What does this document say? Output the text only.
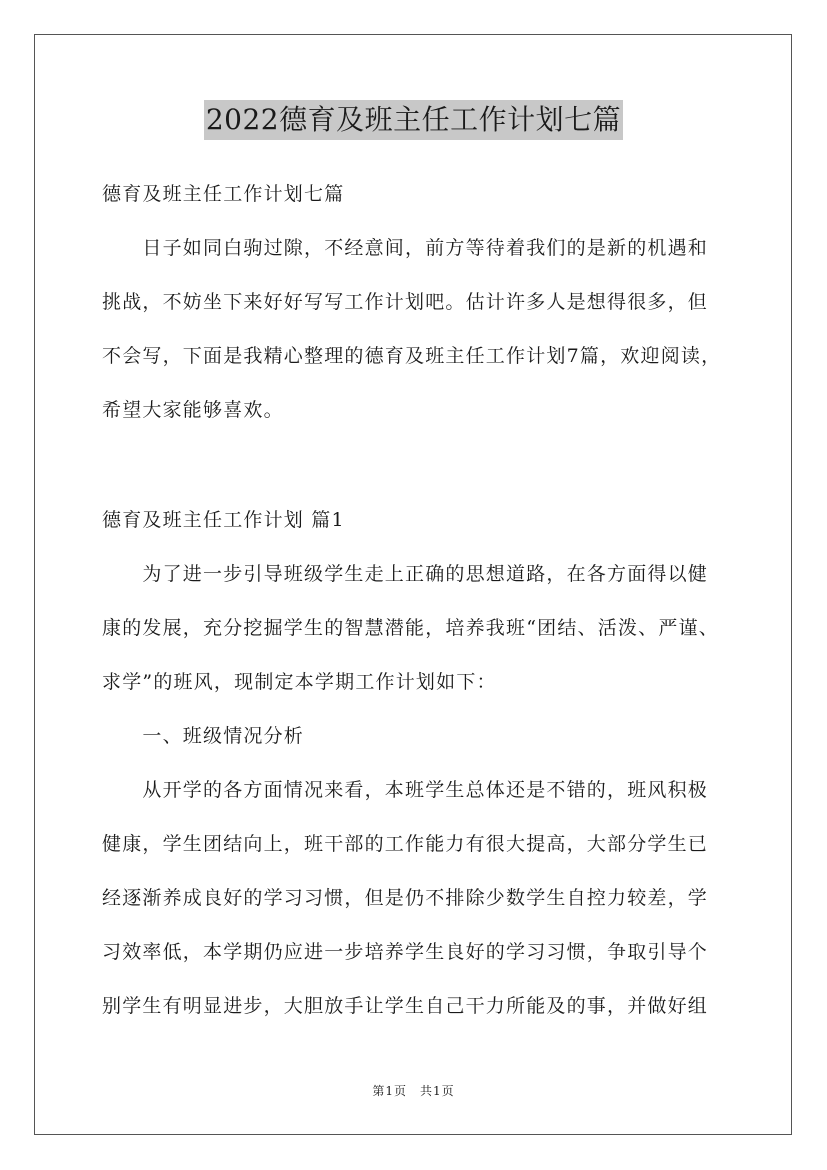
2022德育及班主任工作计划七篇
德育及班主任工作计划七篇
　　日子如同白驹过隙，不经意间，前方等待着我们的是新的机遇和
挑战，不妨坐下来好好写写工作计划吧。估计许多人是想得很多，但
不会写，下面是我精心整理的德育及班主任工作计划7篇，欢迎阅读，
希望大家能够喜欢。
德育及班主任工作计划 篇1
　　为了进一步引导班级学生走上正确的思想道路，在各方面得以健
康的发展，充分挖掘学生的智慧潜能，培养我班“团结、活泼、严谨、
求学”的班风，现制定本学期工作计划如下：
　　一、班级情况分析
　　从开学的各方面情况来看，本班学生总体还是不错的，班风积极
健康，学生团结向上，班干部的工作能力有很大提高，大部分学生已
经逐渐养成良好的学习习惯，但是仍不排除少数学生自控力较差，学
习效率低，本学期仍应进一步培养学生良好的学习习惯，争取引导个
别学生有明显进步，大胆放手让学生自己干力所能及的事，并做好组
第1页　共1页
